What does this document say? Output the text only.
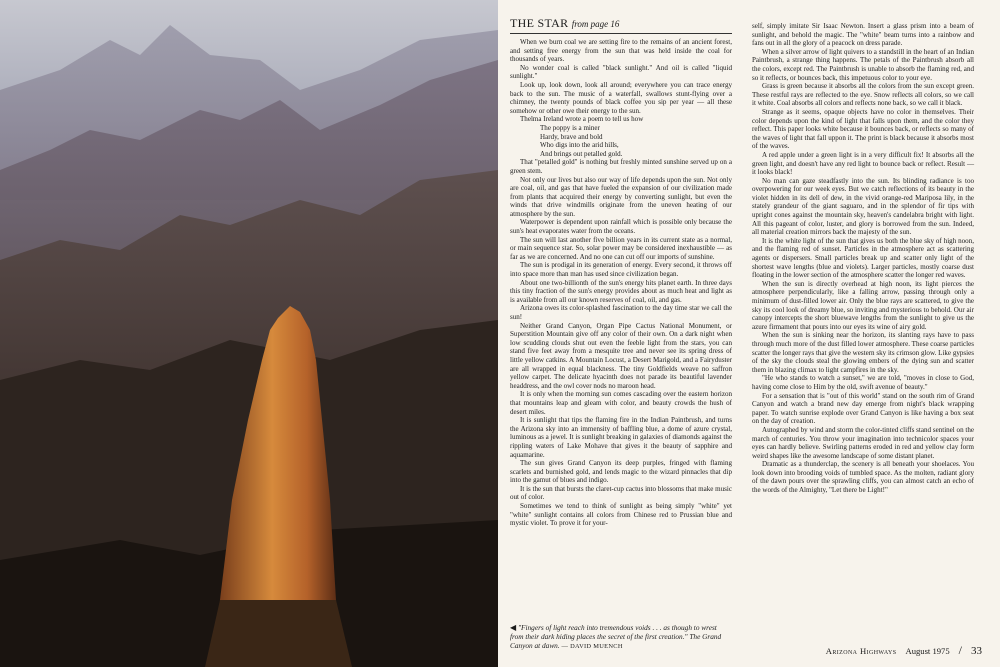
THE STAR from page 16

When we burn coal we are setting fire to the remains of an ancient forest, and setting free energy from the sun that was held inside the coal for thousands of years.

No wonder coal is called "black sunlight." And oil is called "liquid sunlight."

Look up, look down, look all around; everywhere you can trace energy back to the sun. The music of a waterfall, swallows stunt-flying over a chimney, the twenty pounds of black coffee you sip per year — all these somehow or other owe their energy to the sun.

Thelma Ireland wrote a poem to tell us how

The poppy is a miner
Hardy, brave and bold
Who digs into the arid hills,
And brings out petalled gold.

That "petalled gold" is nothing but freshly minted sunshine served up on a green stem.

Not only our lives but also our way of life depends upon the sun. Not only are coal, oil, and gas that have fueled the expansion of our civilization made from plants that acquired their energy by converting sunlight, but even the winds that drive windmills originate from the uneven heating of our atmosphere by the sun.

Waterpower is dependent upon rainfall which is possible only because the sun's heat evaporates water from the oceans.

The sun will last another five billion years in its current state as a normal, or main sequence star. So, solar power may be considered inexhaustible — as far as we are concerned. And no one can cut off our imports of sunshine.

The sun is prodigal in its generation of energy. Every second, it throws off into space more than man has used since civilization began.

About one two-billionth of the sun's energy hits planet earth. In three days this tiny fraction of the sun's energy provides about as much heat and light as is available from all our known reserves of coal, oil, and gas.

Arizona owes its color-splashed fascination to the day time star we call the sun!

Neither Grand Canyon, Organ Pipe Cactus National Monument, or Superstition Mountain give off any color of their own. On a dark night when low scudding clouds shut out even the feeble light from the stars, you can stand five feet away from a mesquite tree and never see its spring dress of little yellow catkins. A Mountain Locust, a Desert Marigold, and a Fairyduster are all wrapped in equal blackness. The tiny Goldfields weave no saffron yellow carpet. The delicate hyacinth does not parade its beautiful lavender headdress, and the owl cover nods no maroon head.

It is only when the morning sun comes cascading over the eastern horizon that mountains leap and gleam with color, and beauty crowds the hush of desert miles.

It is sunlight that tips the flaming fire in the Indian Paintbrush, and turns the Arizona sky into an immensity of baffling blue, a dome of azure crystal, luminous as a jewel. It is sunlight breaking in galaxies of diamonds against the rippling waters of Lake Mohave that gives it the beauty of sapphire and aquamarine.

The sun gives Grand Canyon its deep purples, fringed with flaming scarlets and burnished gold, and lends magic to the wizard pinnacles that dip into the gamut of blues and indigo.

It is the sun that bursts the claret-cup cactus into blossoms that make music out of color.

Sometimes we tend to think of sunlight as being simply "white" yet "white" sunlight contains all colors from Chinese red to Prussian blue and mystic violet. To prove it for your-

self, simply imitate Sir Isaac Newton. Insert a glass prism into a beam of sunlight, and behold the magic. The "white" beam turns into a rainbow and fans out in all the glory of a peacock on dress parade.

When a silver arrow of light quivers to a standstill in the heart of an Indian Paintbrush, a strange thing happens. The petals of the Paintbrush absorb all the colors, except red. The Paintbrush is unable to absorb the flaming red, and so it reflects, or bounces back, this impetuous color to your eye.

Grass is green because it absorbs all the colors from the sun except green. These restful rays are reflected to the eye. Snow reflects all colors, so we call it white. Coal absorbs all colors and reflects none back, so we call it black.

Strange as it seems, opaque objects have no color in themselves. Their color depends upon the kind of light that falls upon them, and the color they reflect. This paper looks white because it bounces back, or reflects so many of the waves of light that fall uppon it. The print is black because it absorbs most of the waves.

A red apple under a green light is in a very difficult fix! It absorbs all the green light, and doesn't have any red light to bounce back or reflect. Result — it looks black!

No man can gaze steadfastly into the sun. Its blinding radiance is too overpowering for our week eyes. But we catch reflections of its beauty in the violet hidden in its dell of dew, in the vivid orange-red Mariposa lily, in the stately grandeur of the giant saguaro, and in the splendor of fir tips with upright cones against the mountain sky, heaven's candelabra bright with light. All this pageant of color, luster, and glory is borrowed from the sun. Indeed, all material creation mirrors back the majesty of the sun.

It is the white light of the sun that gives us both the blue sky of high noon, and the flaming red of sunset. Particles in the atmosphere act as scattering agents or dispersers. Small particles break up and scatter only light of the shortest wave lengths (blue and violets). Larger particles, mostly coarse dust floating in the lower section of the atmosphere scatter the longer red waves.

When the sun is directly overhead at high noon, its light pierces the atmosphere perpendicularly, like a falling arrow, passing through only a minimum of dust-filled lower air. Only the blue rays are scattered, to give the sky its cool look of dreamy blue, so inviting and mysterious to behold. Our air canopy intercepts the short bluewave lengths from the sunlight to give us the azure firmament that pours into our eyes its wine of airy gold.

When the sun is sinking near the horizon, its slanting rays have to pass through much more of the dust filled lower atmosphere. These coarse particles scatter the longer rays that give the western sky its crimson glow. Like gypsies of the sky the clouds steal the glowing embers of the dying sun and scatter them in blazing climax to light campfires in the sky.

"He who stands to watch a sunset," we are told, "moves in close to God, having come close to Him by the old, swift avenue of beauty."

For a sensation that is "out of this world" stand on the south rim of Grand Canyon and watch a brand new day emerge from night's black wrapping paper. To watch sunrise explode over Grand Canyon is like having a box seat on the day of creation.

Autographed by wind and storm the color-tinted cliffs stand sentinel on the march of centuries. You throw your imagination into technicolor spaces your eyes can hardly believe. Swirling patterns eroded in red and yellow clay form weird shapes like the awesome landscape of some distant planet.

Dramatic as a thunderclap, the scenery is all beneath your shoelaces. You look down into brooding voids of tumbled space. As the molten, radiant glory of the dawn pours over the sprawling cliffs, you can almost catch an echo of the words of the Almighty, "Let there be Light!"

◀ "Fingers of light reach into tremendous voids . . . as though to wrest from their dark hiding places the secret of the first creation." The Grand Canyon at dawn. — DAVID MUENCH	Arizona Highways August 1975 / 33
